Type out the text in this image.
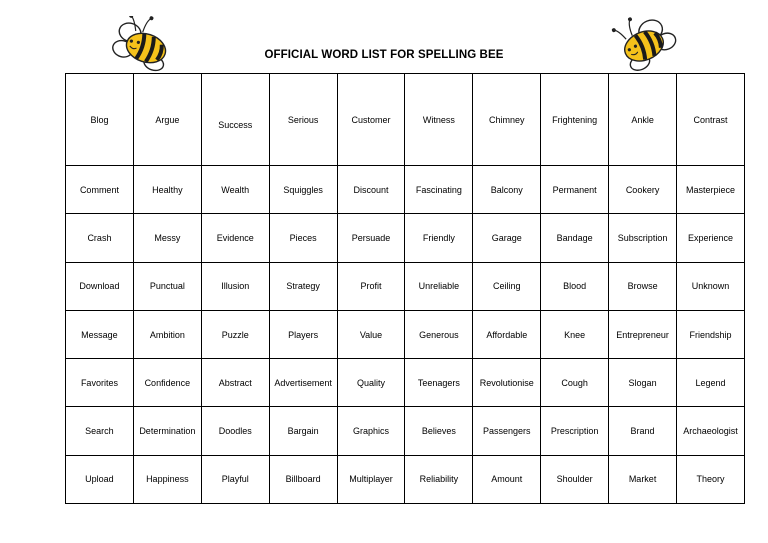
OFFICIAL WORD LIST FOR SPELLING BEE
Blog	Argue	Success	Serious	Customer	Witness	Chimney	Frightening	Ankle	Contrast
Comment	Healthy	Wealth	Squiggles	Discount	Fascinating	Balcony	Permanent	Cookery	Masterpiece
Crash	Messy	Evidence	Pieces	Persuade	Friendly	Garage	Bandage	Subscription	Experience
Download	Punctual	Illusion	Strategy	Profit	Unreliable	Ceiling	Blood	Browse	Unknown
Message	Ambition	Puzzle	Players	Value	Generous	Affordable	Knee	Entrepreneur	Friendship
Favorites	Confidence	Abstract	Advertisement	Quality	Teenagers	Revolutionise	Cough	Slogan	Legend
Search	Determination	Doodles	Bargain	Graphics	Believes	Passengers	Prescription	Brand	Archaeologist
Upload	Happiness	Playful	Billboard	Multiplayer	Reliability	Amount	Shoulder	Market	Theory
